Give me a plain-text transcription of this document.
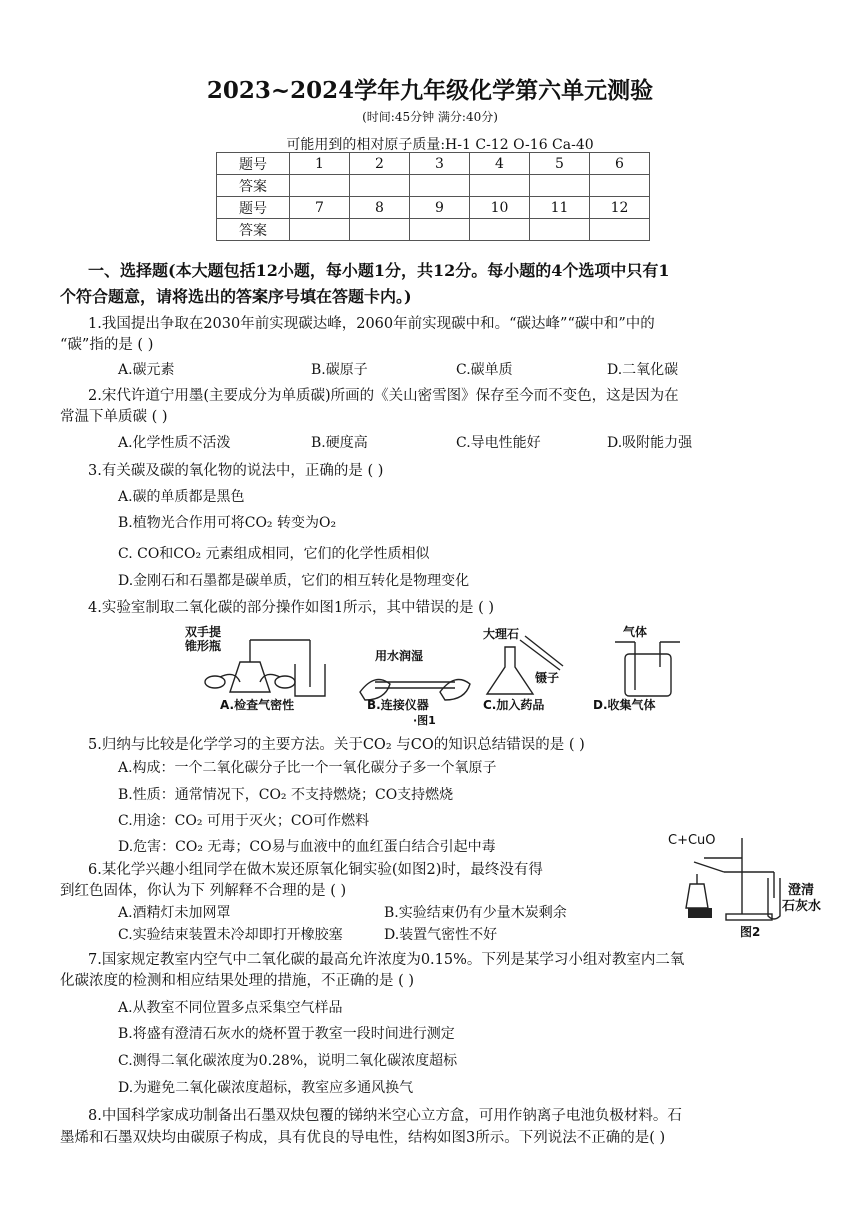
2023~2024学年九年级化学第六单元测验
(时间:45分钟 满分:40分)
可能用到的相对原子质量:H-1 C-12 O-16 Ca-40
题号	1	2	3	4	5	6
答案						
题号	7	8	9	10	11	12
答案						
一、选择题(本大题包括12小题，每小题1分，共12分。每小题的4个选项中只有1
个符合题意，请将选出的答案序号填在答题卡内。)
1.我国提出争取在2030年前实现碳达峰，2060年前实现碳中和。“碳达峰”“碳中和”中的
“碳”指的是 ( )
A.碳元素	B.碳原子	C.碳单质	D.二氧化碳
2.宋代许道宁用墨(主要成分为单质碳)所画的《关山密雪图》保存至今而不变色，这是因为在
常温下单质碳 ( )
A.化学性质不活泼	B.硬度高	C.导电性能好	D.吸附能力强
3.有关碳及碳的氧化物的说法中，正确的是 ( )
A.碳的单质都是黑色
B.植物光合作用可将CO₂ 转变为O₂
C. CO和CO₂ 元素组成相同，它们的化学性质相似
D.金刚石和石墨都是碳单质，它们的相互转化是物理变化
4.实验室制取二氧化碳的部分操作如图1所示，其中错误的是 ( )
双手提
锥形瓶
A.检查气密性
用水润湿
B.连接仪器
大理石
镊子
C.加入药品
气体
D.收集气体
·图1
5.归纳与比较是化学学习的主要方法。关于CO₂ 与CO的知识总结错误的是 ( )
A.构成：一个二氧化碳分子比一个一氧化碳分子多一个氧原子
B.性质：通常情况下，CO₂ 不支持燃烧；CO支持燃烧
C.用途：CO₂ 可用于灭火；CO可作燃料
D.危害：CO₂ 无毒；CO易与血液中的血红蛋白结合引起中毒	C+CuO
澄清
石灰水
图2
6.某化学兴趣小组同学在做木炭还原氧化铜实验(如图2)时，最终没有得
到红色固体，你认为下 列解释不合理的是 ( )
A.酒精灯未加网罩	B.实验结束仍有少量木炭剩余
C.实验结束装置未冷却即打开橡胶塞	D.装置气密性不好
7.国家规定教室内空气中二氧化碳的最高允许浓度为0.15%。下列是某学习小组对教室内二氧
化碳浓度的检测和相应结果处理的措施，不正确的是 ( )
A.从教室不同位置多点采集空气样品
B.将盛有澄清石灰水的烧杯置于教室一段时间进行测定
C.测得二氧化碳浓度为0.28%，说明二氧化碳浓度超标
D.为避免二氧化碳浓度超标，教室应多通风换气
8.中国科学家成功制备出石墨双炔包覆的锑纳米空心立方盒，可用作钠离子电池负极材料。石
墨烯和石墨双炔均由碳原子构成，具有优良的导电性，结构如图3所示。下列说法不正确的是( )
